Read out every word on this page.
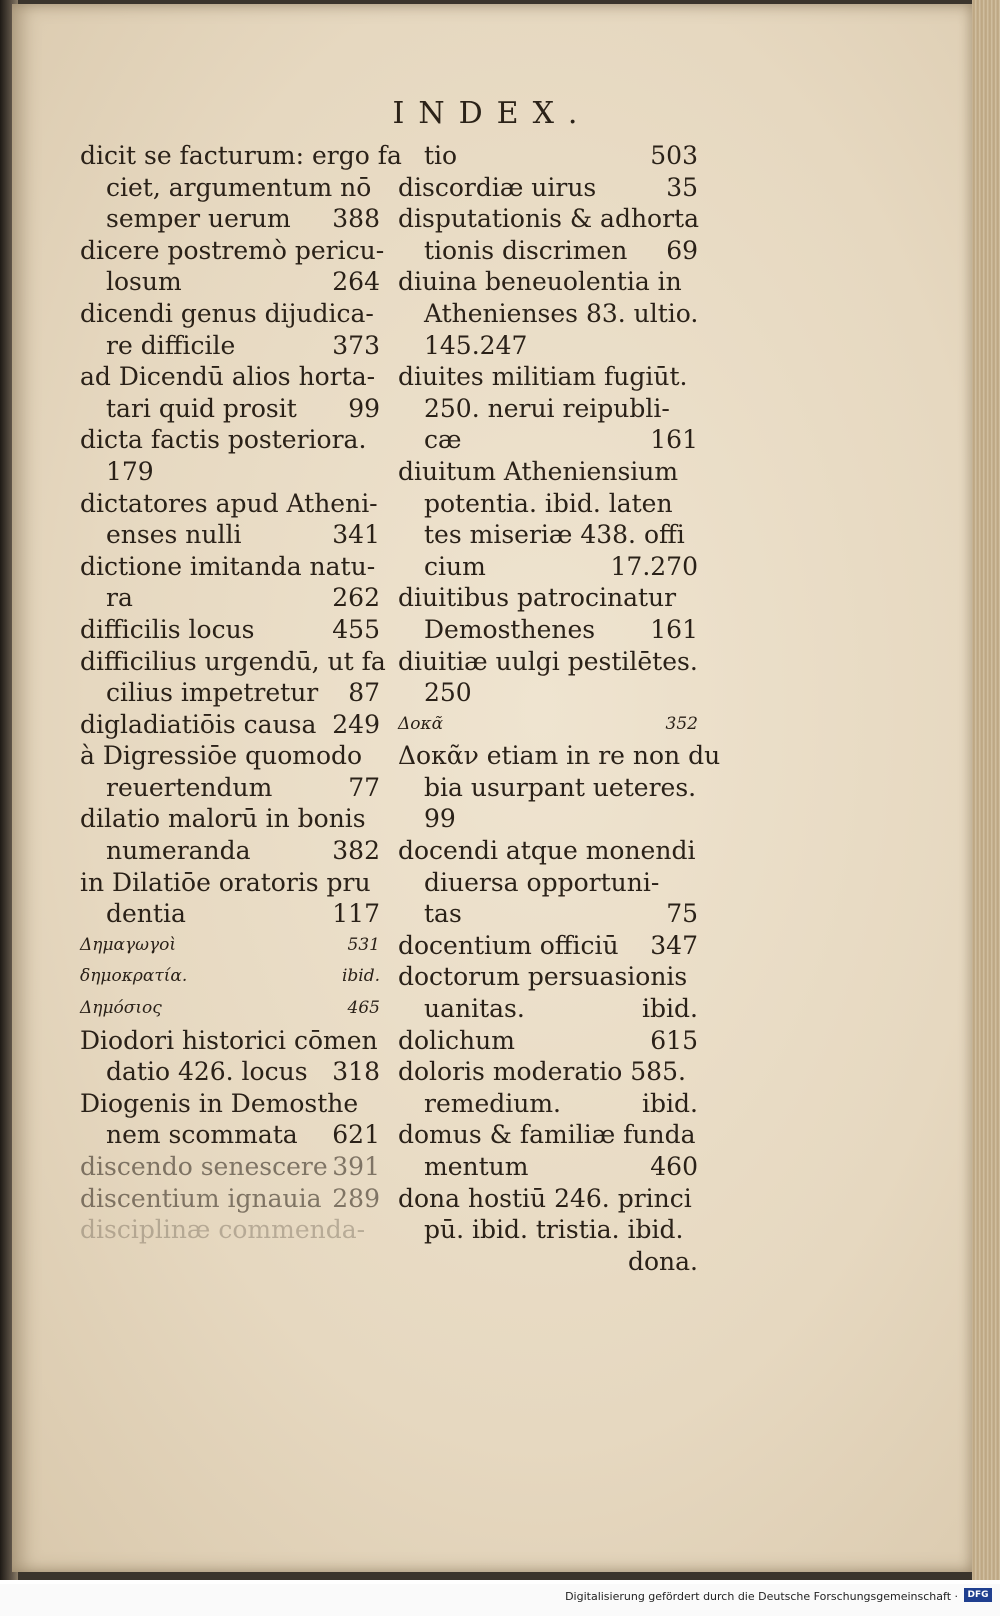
INDEX.
dicit se facturum: ergo fa
ciet, argumentum nō
semper uerum 388
dicere postremò pericu-
losum	264
dicendi genus dijudica-
re difficile	373
ad Dicendū alios horta-
tari quid prosit 99
dicta factis posteriora.
179
dictatores apud Atheni-
enses nulli	341
dictione imitanda natu-
ra	262
difficilis locus	455
difficilius urgendū, ut fa
cilius impetretur 87
digladiatiōis causa 249
à Digressiōe quomodo
reuertendum	77
dilatio malorū in bonis
numeranda	382
in Dilatiōe oratoris pru
dentia	117
Δημαγωγοὶ	531
δημοκρατία.	ibid.
Δημόσιος	465
Diodori historici cōmen
datio 426. locus 318
Diogenis in Demosthe
nem scommata 621
discendo senescere 391
discentium ignauia 289
disciplinæ commenda-
tio	503
discordiæ uirus	35
disputationis & adhorta
tionis discrimen 69
diuina beneuolentia in
Athenienses 83. ultio.
145.247
diuites militiam fugiūt.
250. nerui reipubli-
cæ	161
diuitum Atheniensium
potentia. ibid. laten
tes miseriæ 438. offi
cium	17.270
diuitibus patrocinatur
Demosthenes 161
diuitiæ uulgi pestilētes.
250
Δοκᾶ	352
Δοκᾶν etiam in re non du
bia usurpant ueteres.
99
docendi atque monendi
diuersa opportuni-
tas	75
docentium officiū 347
doctorum persuasionis
uanitas.	ibid.
dolichum	615
doloris moderatio 585.
remedium.	ibid.
domus & familiæ funda
mentum	460
dona hostiū 246. princi
pū. ibid. tristia. ibid.
dona.
Digitalisierung gefördert durch die Deutsche Forschungsgemeinschaft ·	DFG
